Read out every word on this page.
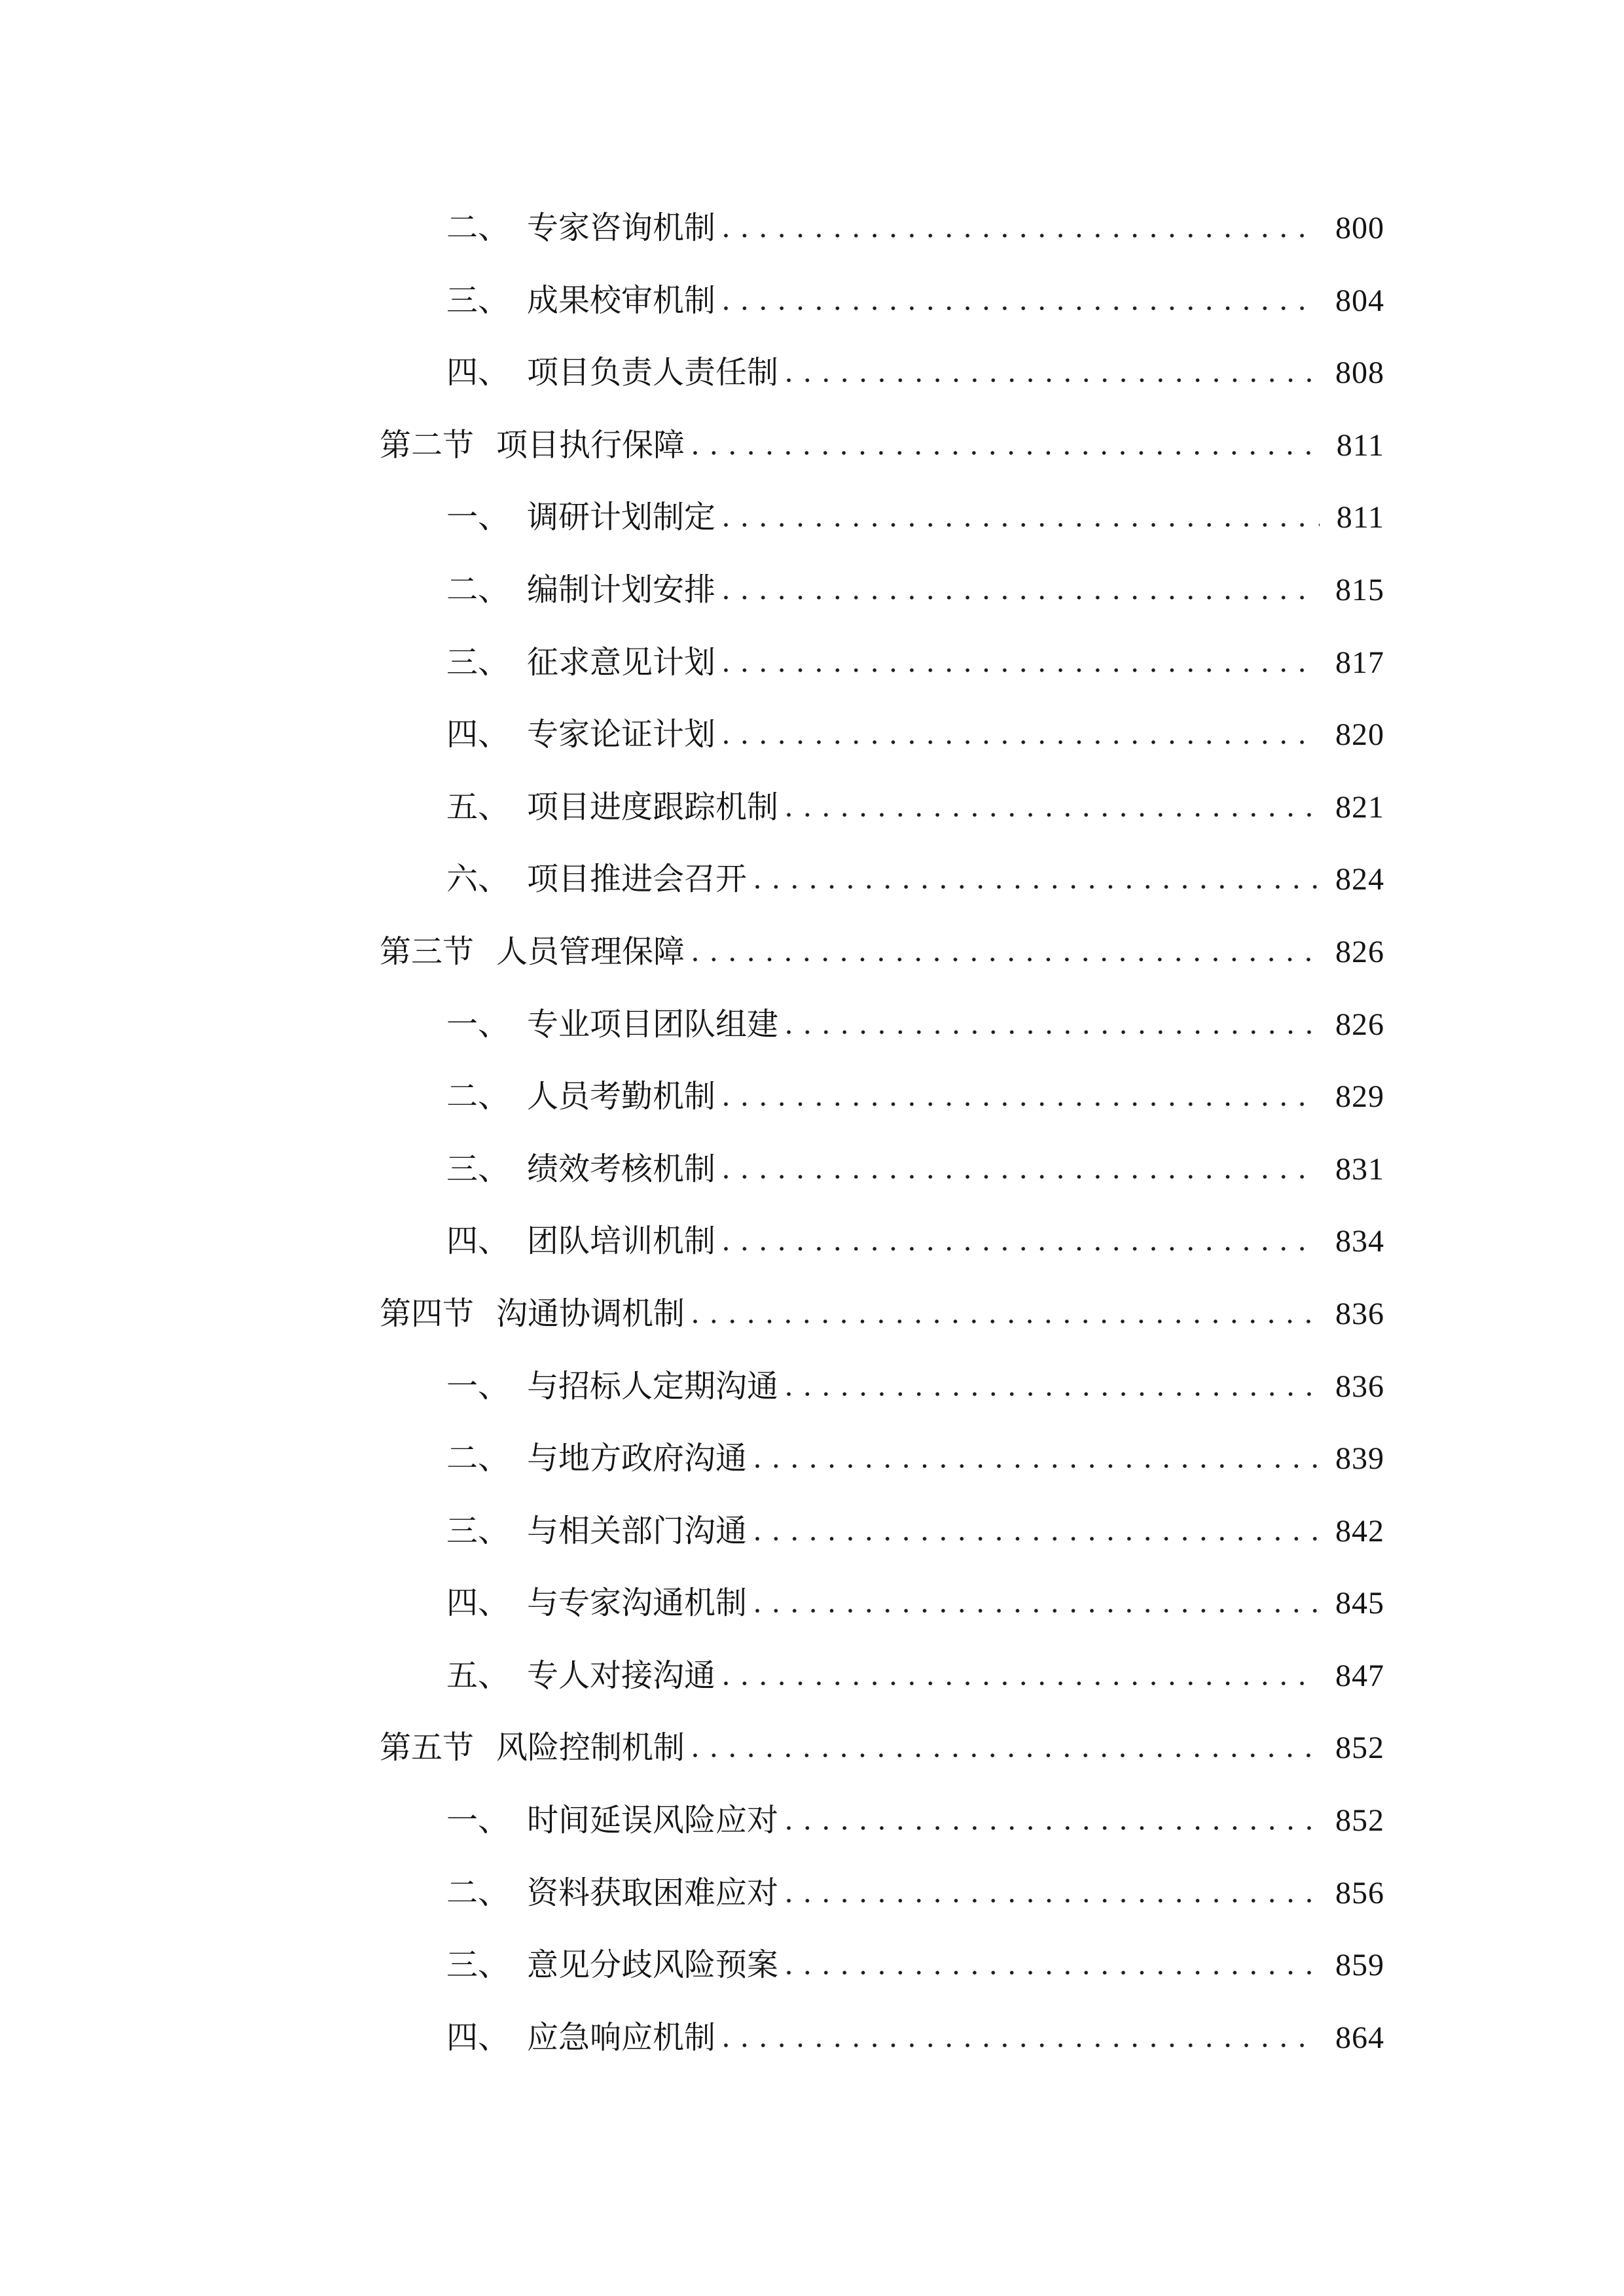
二、 专家咨询机制	800
三、 成果校审机制	804
四、 项目负责人责任制	808
第二节 项目执行保障	811
一、 调研计划制定	811
二、 编制计划安排	815
三、 征求意见计划	817
四、 专家论证计划	820
五、 项目进度跟踪机制	821
六、 项目推进会召开	824
第三节 人员管理保障	826
一、 专业项目团队组建	826
二、 人员考勤机制	829
三、 绩效考核机制	831
四、 团队培训机制	834
第四节 沟通协调机制	836
一、 与招标人定期沟通	836
二、 与地方政府沟通	839
三、 与相关部门沟通	842
四、 与专家沟通机制	845
五、 专人对接沟通	847
第五节 风险控制机制	852
一、 时间延误风险应对	852
二、 资料获取困难应对	856
三、 意见分歧风险预案	859
四、 应急响应机制	864
